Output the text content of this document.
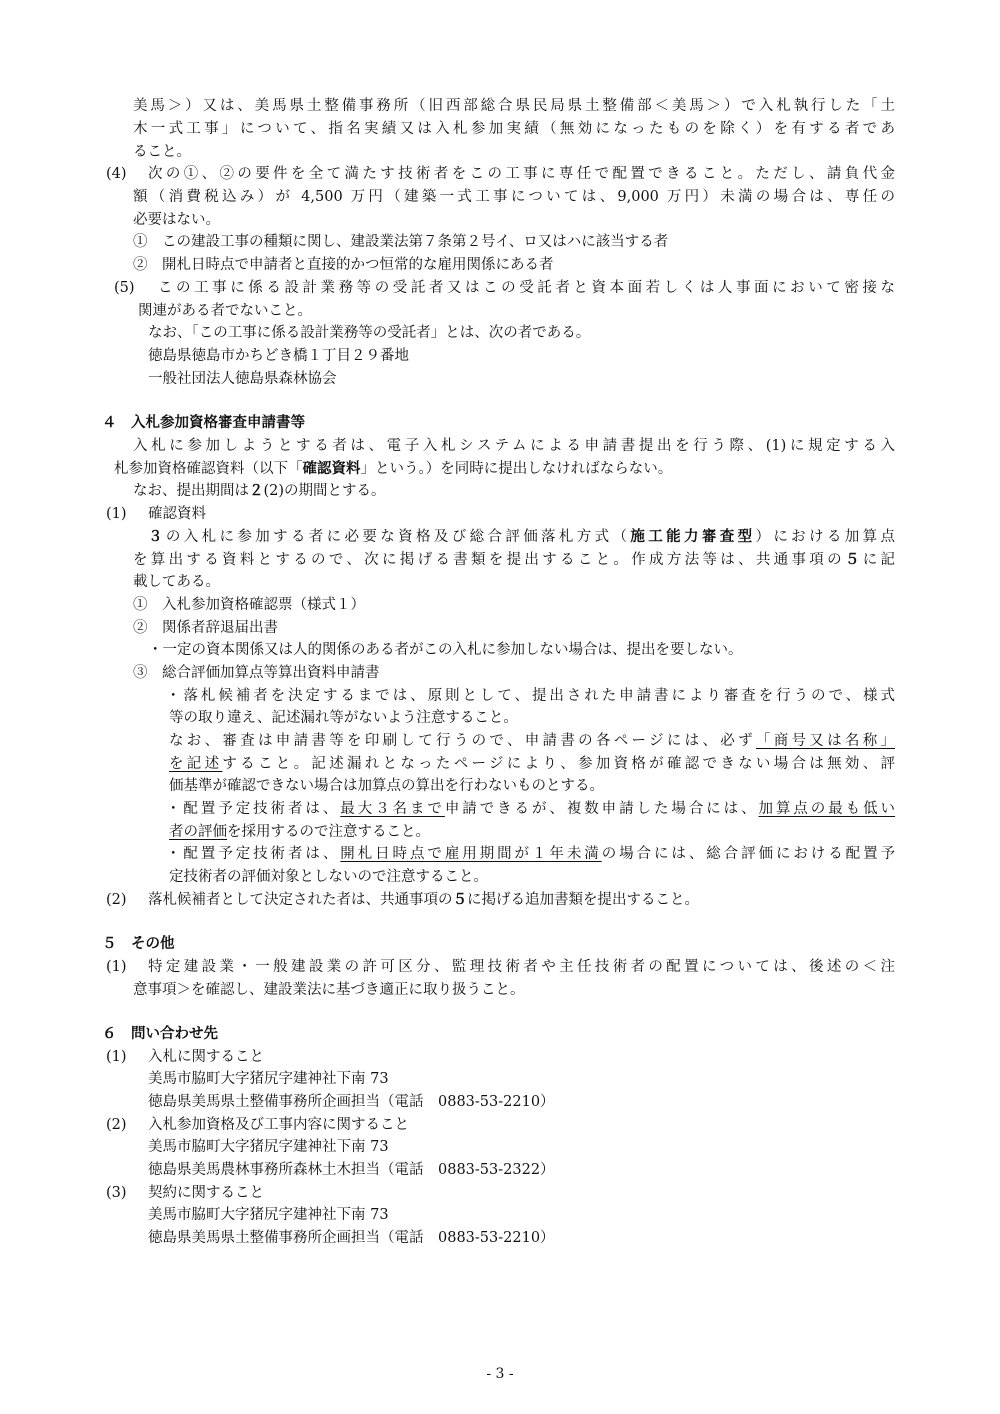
美馬＞）又は、美馬県土整備事務所（旧西部総合県民局県土整備部＜美馬＞）で入札執行した「土
木一式工事」について、指名実績又は入札参加実績（無効になったものを除く）を有する者であ
ること。
(4) 次の①、②の要件を全て満たす技術者をこの工事に専任で配置できること。ただし、請負代金
額（消費税込み）が 4,500 万円（建築一式工事については、9,000 万円）未満の場合は、専任の
必要はない。
①　この建設工事の種類に関し、建設業法第７条第２号イ、ロ又はハに該当する者
②　開札日時点で申請者と直接的かつ恒常的な雇用関係にある者
(5) この工事に係る設計業務等の受託者又はこの受託者と資本面若しくは人事面において密接な
関連がある者でないこと。
なお、「この工事に係る設計業務等の受託者」とは、次の者である。
徳島県徳島市かちどき橋１丁目２９番地
一般社団法人徳島県森林協会
４　入札参加資格審査申請書等
入札に参加しようとする者は、電子入札システムによる申請書提出を行う際、(1)に規定する入
札参加資格確認資料（以下「確認資料」という。）を同時に提出しなければならない。
なお、提出期間は２(2)の期間とする。
(1) 確認資料
３の入札に参加する者に必要な資格及び総合評価落札方式（施工能力審査型）における加算点
を算出する資料とするので、次に掲げる書類を提出すること。作成方法等は、共通事項の５に記
載してある。
①　入札参加資格確認票（様式１）
②　関係者辞退届出書
・一定の資本関係又は人的関係のある者がこの入札に参加しない場合は、提出を要しない。
③　総合評価加算点等算出資料申請書
・落札候補者を決定するまでは、原則として、提出された申請書により審査を行うので、様式
等の取り違え、記述漏れ等がないよう注意すること。
なお、審査は申請書等を印刷して行うので、申請書の各ページには、必ず「商号又は名称」
を記述すること。記述漏れとなったページにより、参加資格が確認できない場合は無効、評
価基準が確認できない場合は加算点の算出を行わないものとする。
・配置予定技術者は、最大３名まで申請できるが、複数申請した場合には、加算点の最も低い
者の評価を採用するので注意すること。
・配置予定技術者は、開札日時点で雇用期間が１年未満の場合には、総合評価における配置予
定技術者の評価対象としないので注意すること。
(2) 落札候補者として決定された者は、共通事項の５に掲げる追加書類を提出すること。
５　その他
(1) 特定建設業・一般建設業の許可区分、監理技術者や主任技術者の配置については、後述の＜注
意事項＞を確認し、建設業法に基づき適正に取り扱うこと。
６　問い合わせ先
(1) 入札に関すること
美馬市脇町大字猪尻字建神社下南 73
徳島県美馬県土整備事務所企画担当（電話　0883-53-2210）
(2) 入札参加資格及び工事内容に関すること
美馬市脇町大字猪尻字建神社下南 73
徳島県美馬農林事務所森林土木担当（電話　0883-53-2322）
(3) 契約に関すること
美馬市脇町大字猪尻字建神社下南 73
徳島県美馬県土整備事務所企画担当（電話　0883-53-2210）
- 3 -
